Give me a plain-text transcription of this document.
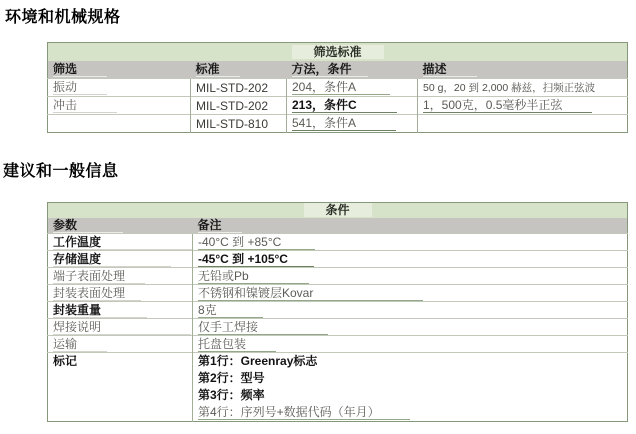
环境和机械规格
筛选标准			
筛选	标准	方法，条件	描述
振动	MIL-STD-202	204，条件A	50 g，20 到 2,000 赫兹，扫频正弦波
冲击	MIL-STD-202	213，条件C	1，500克，0.5毫秒半正弦
	MIL-STD-810	541，条件A	
建议和一般信息
条件	
参数	备注
工作温度	-40°C 到 +85°C
存储温度	-45°C 到 +105°C
端子表面处理	无铅或Pb
封装表面处理	不锈钢和镍镀层Kovar
封装重量	8克
焊接说明	仅手工焊接
运输	托盘包装
标记	第1行：Greenray标志
第2行：型号
第3行：频率
第4行：序列号+数据代码（年月）
